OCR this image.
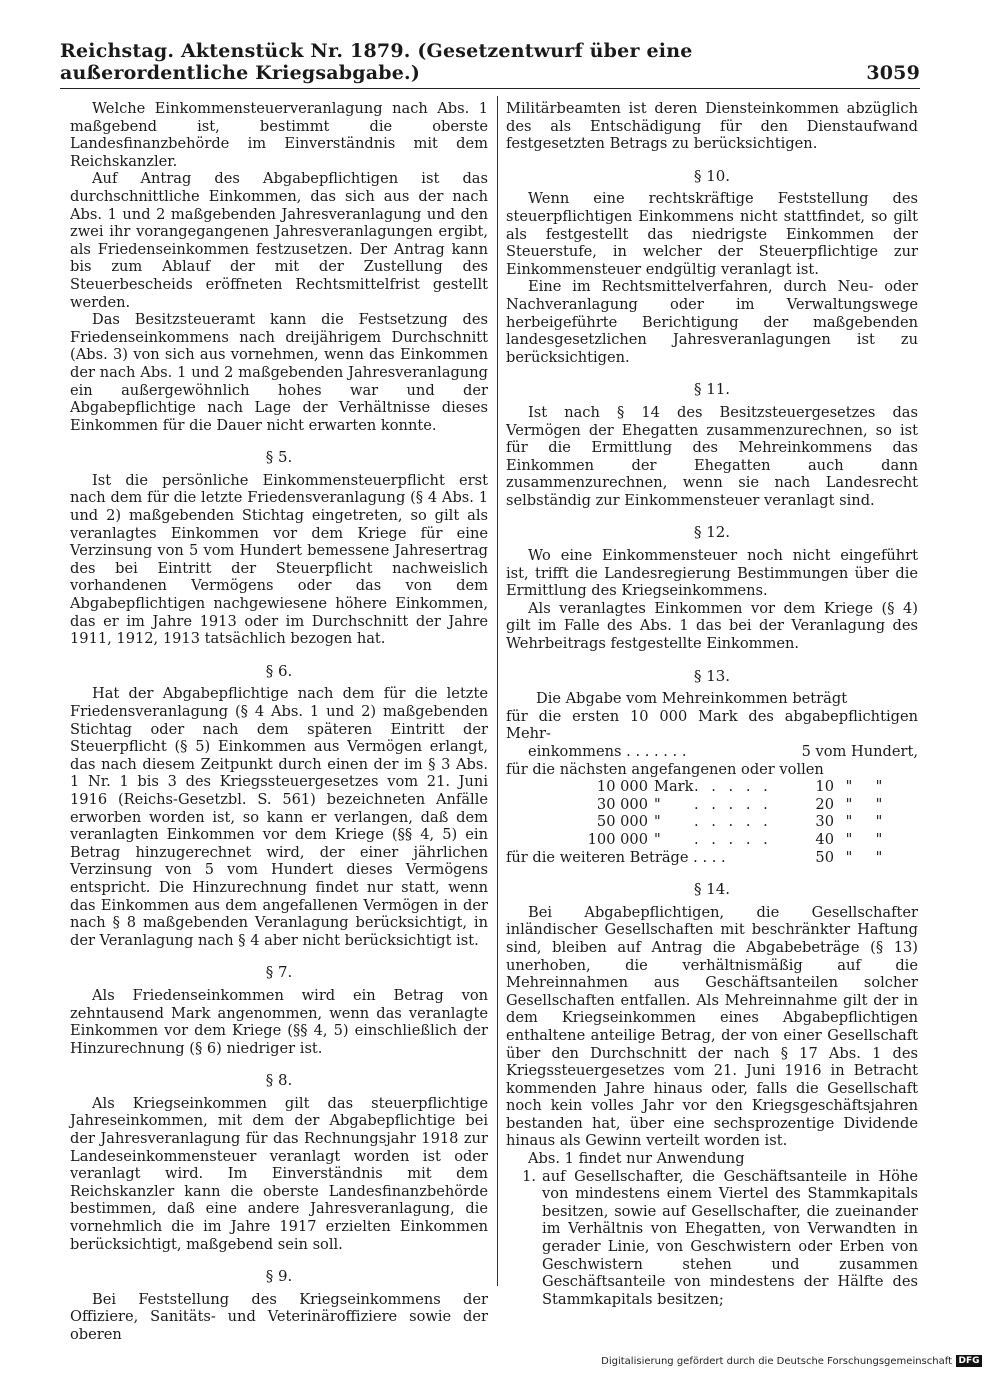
Reichstag. Aktenstück Nr. 1879. (Gesetzentwurf über eine außerordentliche Kriegsabgabe.)	3059

Welche Einkommensteuerveranlagung nach Abs. 1 maßgebend ist, bestimmt die oberste Landesfinanzbehörde im Einverständnis mit dem Reichskanzler.

Auf Antrag des Abgabepflichtigen ist das durchschnittliche Einkommen, das sich aus der nach Abs. 1 und 2 maßgebenden Jahresveranlagung und den zwei ihr vorangegangenen Jahresveranlagungen ergibt, als Friedenseinkommen festzusetzen. Der Antrag kann bis zum Ablauf der mit der Zustellung des Steuerbescheids eröffneten Rechtsmittelfrist gestellt werden.

Das Besitzsteueramt kann die Festsetzung des Friedenseinkommens nach dreijährigem Durchschnitt (Abs. 3) von sich aus vornehmen, wenn das Einkommen der nach Abs. 1 und 2 maßgebenden Jahresveranlagung ein außergewöhnlich hohes war und der Abgabepflichtige nach Lage der Verhältnisse dieses Einkommen für die Dauer nicht erwarten konnte.

§ 5.

Ist die persönliche Einkommensteuerpflicht erst nach dem für die letzte Friedensveranlagung (§ 4 Abs. 1 und 2) maßgebenden Stichtag eingetreten, so gilt als veranlagtes Einkommen vor dem Kriege für eine Verzinsung von 5 vom Hundert bemessene Jahresertrag des bei Eintritt der Steuerpflicht nachweislich vorhandenen Vermögens oder das von dem Abgabepflichtigen nachgewiesene höhere Einkommen, das er im Jahre 1913 oder im Durchschnitt der Jahre 1911, 1912, 1913 tatsächlich bezogen hat.

§ 6.

Hat der Abgabepflichtige nach dem für die letzte Friedensveranlagung (§ 4 Abs. 1 und 2) maßgebenden Stichtag oder nach dem späteren Eintritt der Steuerpflicht (§ 5) Einkommen aus Vermögen erlangt, das nach diesem Zeitpunkt durch einen der im § 3 Abs. 1 Nr. 1 bis 3 des Kriegssteuergesetzes vom 21. Juni 1916 (Reichs-Gesetzbl. S. 561) bezeichneten Anfälle erworben worden ist, so kann er verlangen, daß dem veranlagten Einkommen vor dem Kriege (§§ 4, 5) ein Betrag hinzugerechnet wird, der einer jährlichen Verzinsung von 5 vom Hundert dieses Vermögens entspricht. Die Hinzurechnung findet nur statt, wenn das Einkommen aus dem angefallenen Vermögen in der nach § 8 maßgebenden Veranlagung berücksichtigt, in der Veranlagung nach § 4 aber nicht berücksichtigt ist.

§ 7.

Als Friedenseinkommen wird ein Betrag von zehntausend Mark angenommen, wenn das veranlagte Einkommen vor dem Kriege (§§ 4, 5) einschließlich der Hinzurechnung (§ 6) niedriger ist.

§ 8.

Als Kriegseinkommen gilt das steuerpflichtige Jahreseinkommen, mit dem der Abgabepflichtige bei der Jahresveranlagung für das Rechnungsjahr 1918 zur Landeseinkommensteuer veranlagt worden ist oder veranlagt wird. Im Einverständnis mit dem Reichskanzler kann die oberste Landesfinanzbehörde bestimmen, daß eine andere Jahresveranlagung, die vornehmlich die im Jahre 1917 erzielten Einkommen berücksichtigt, maßgebend sein soll.

§ 9.

Bei Feststellung des Kriegseinkommens der Offiziere, Sanitäts- und Veterinäroffiziere sowie der oberen

Militärbeamten ist deren Diensteinkommen abzüglich des als Entschädigung für den Dienstaufwand festgesetzten Betrags zu berücksichtigen.

§ 10.

Wenn eine rechtskräftige Feststellung des steuerpflichtigen Einkommens nicht stattfindet, so gilt als festgestellt das niedrigste Einkommen der Steuerstufe, in welcher der Steuerpflichtige zur Einkommensteuer endgültig veranlagt ist.

Eine im Rechtsmittelverfahren, durch Neu- oder Nachveranlagung oder im Verwaltungswege herbeigeführte Berichtigung der maßgebenden landesgesetzlichen Jahresveranlagungen ist zu berücksichtigen.

§ 11.

Ist nach § 14 des Besitzsteuergesetzes das Vermögen der Ehegatten zusammenzurechnen, so ist für die Ermittlung des Mehreinkommens das Einkommen der Ehegatten auch dann zusammenzurechnen, wenn sie nach Landesrecht selbständig zur Einkommensteuer veranlagt sind.

§ 12.

Wo eine Einkommensteuer noch nicht eingeführt ist, trifft die Landesregierung Bestimmungen über die Ermittlung des Kriegseinkommens.

Als veranlagtes Einkommen vor dem Kriege (§ 4) gilt im Falle des Abs. 1 das bei der Veranlagung des Wehrbeitrags festgestellte Einkommen.

§ 13.

Die Abgabe vom Mehreinkommen beträgt

für die ersten 10 000 Mark des abgabepflichtigen Mehr-

einkommens . . . . . . .	5 vom Hundert,

für die nächsten angefangenen oder vollen

10 000 Mark . . . . .	10 "	"
30 000 "	. . . . .	20 "	"
50 000 "	. . . . .	30 "	"
100 000 "	. . . . .	40 "	"
für die weiteren Beträge . . . .	50 "	"
§ 14.

Bei Abgabepflichtigen, die Gesellschafter inländischer Gesellschaften mit beschränkter Haftung sind, bleiben auf Antrag die Abgabebeträge (§ 13) unerhoben, die verhältnismäßig auf die Mehreinnahmen aus Geschäftsanteilen solcher Gesellschaften entfallen. Als Mehreinnahme gilt der in dem Kriegseinkommen eines Abgabepflichtigen enthaltene anteilige Betrag, der von einer Gesellschaft über den Durchschnitt der nach § 17 Abs. 1 des Kriegssteuergesetzes vom 21. Juni 1916 in Betracht kommenden Jahre hinaus oder, falls die Gesellschaft noch kein volles Jahr vor den Kriegsgeschäftsjahren bestanden hat, über eine sechsprozentige Dividende hinaus als Gewinn verteilt worden ist.

Abs. 1 findet nur Anwendung

1. auf Gesellschafter, die Geschäftsanteile in Höhe von mindestens einem Viertel des Stammkapitals besitzen, sowie auf Gesellschafter, die zueinander im Verhältnis von Ehegatten, von Verwandten in gerader Linie, von Geschwistern oder Erben von Geschwistern stehen und zusammen Geschäftsanteile von mindestens der Hälfte des Stammkapitals besitzen;
Digitalisierung gefördert durch die Deutsche Forschungsgemeinschaft DFG
